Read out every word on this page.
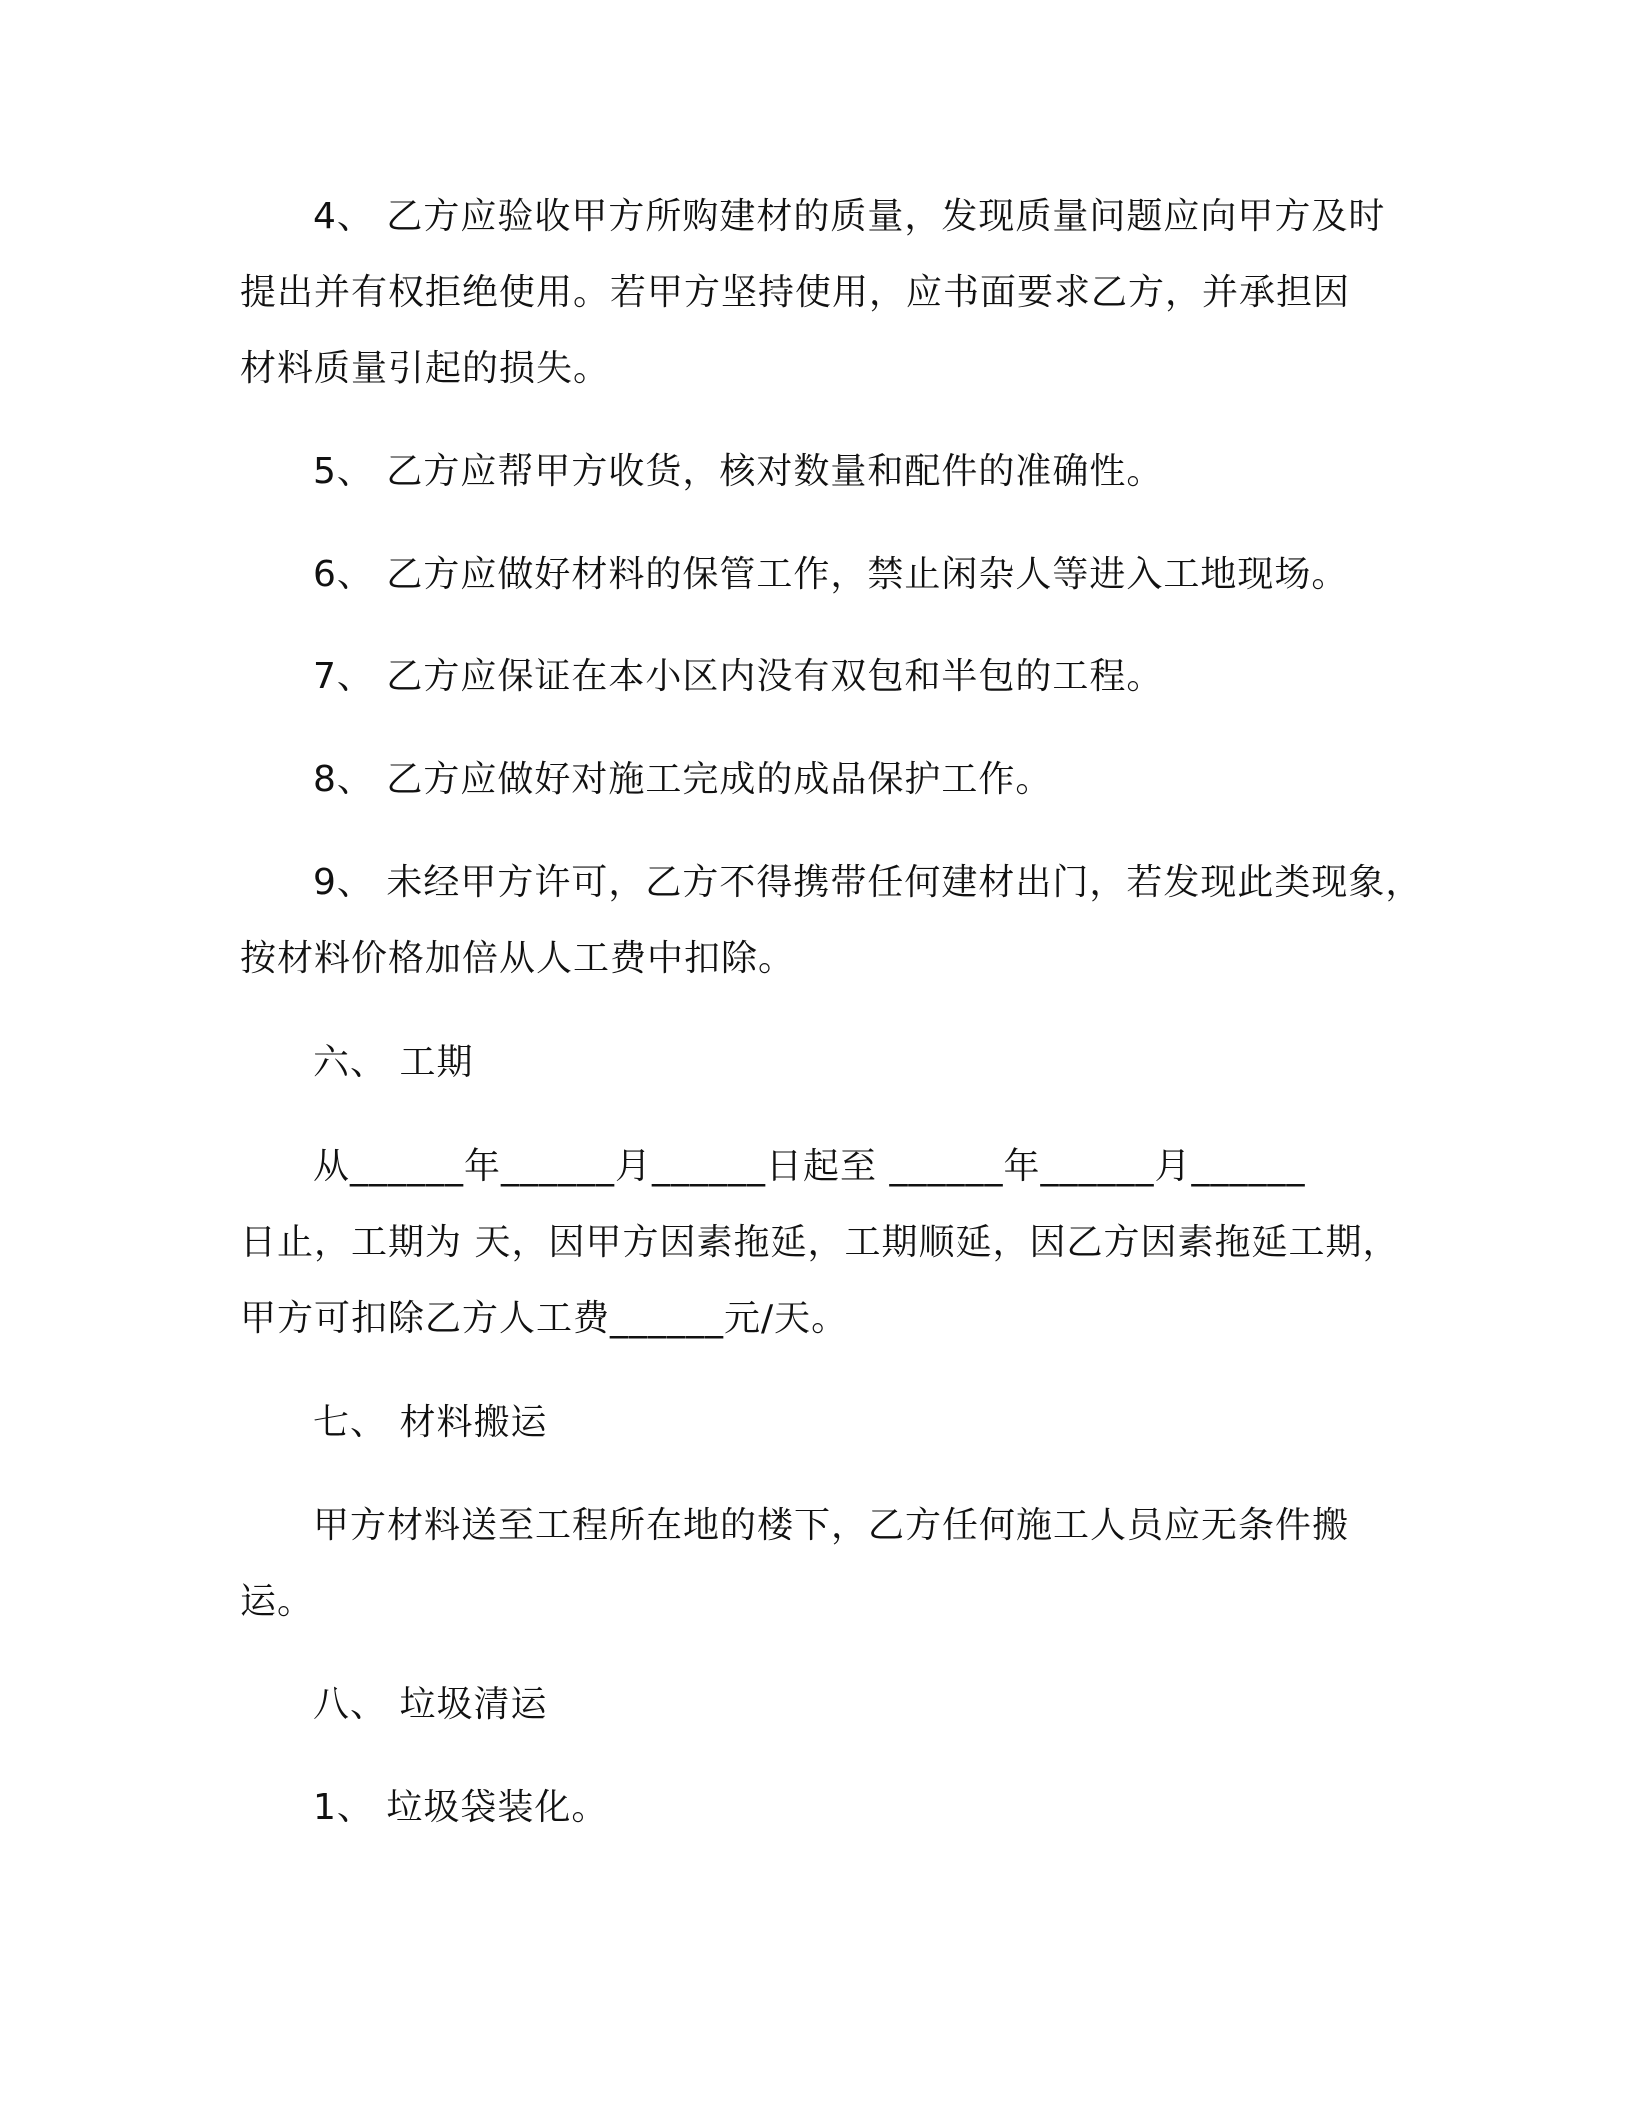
4、 乙方应验收甲方所购建材的质量，发现质量问题应向甲方及时
提出并有权拒绝使用。若甲方坚持使用，应书面要求乙方，并承担因
材料质量引起的损失。
5、 乙方应帮甲方收货，核对数量和配件的准确性。
6、 乙方应做好材料的保管工作，禁止闲杂人等进入工地现场。
7、 乙方应保证在本小区内没有双包和半包的工程。
8、 乙方应做好对施工完成的成品保护工作。
9、 未经甲方许可，乙方不得携带任何建材出门，若发现此类现象，
按材料价格加倍从人工费中扣除。
六、 工期
从______年______月______日起至 ______年______月______
日止，工期为 天，因甲方因素拖延，工期顺延，因乙方因素拖延工期，
甲方可扣除乙方人工费______元/天。
七、 材料搬运
甲方材料送至工程所在地的楼下，乙方任何施工人员应无条件搬
运。
八、 垃圾清运
1、 垃圾袋装化。
